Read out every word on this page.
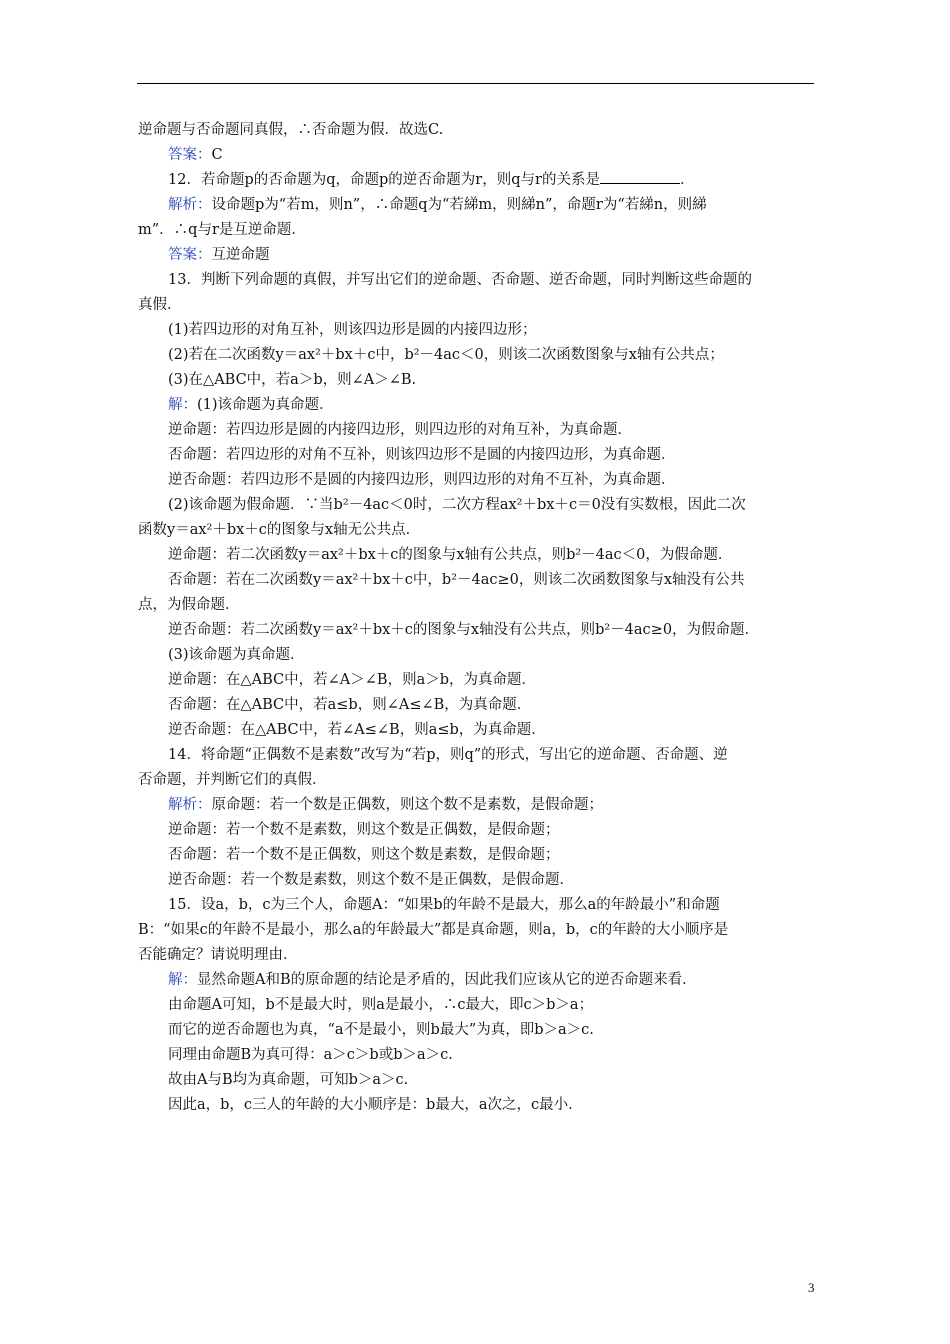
逆命题与否命题同真假，∴否命题为假．故选C.
答案：C
12．若命题p的否命题为q，命题p的逆否命题为r，则q与r的关系是	．
解析：设命题p为“若m，则n”，∴命题q为“若綈m，则綈n”，命题r为“若綈n，则綈
m”．∴q与r是互逆命题．
答案：互逆命题
13．判断下列命题的真假，并写出它们的逆命题、否命题、逆否命题，同时判断这些命题的
真假．
(1)若四边形的对角互补，则该四边形是圆的内接四边形；
(2)若在二次函数y＝ax²＋bx＋c中，b²－4ac＜0，则该二次函数图象与x轴有公共点；
(3)在△ABC中，若a＞b，则∠A＞∠B.
解：(1)该命题为真命题．
逆命题：若四边形是圆的内接四边形，则四边形的对角互补，为真命题．
否命题：若四边形的对角不互补，则该四边形不是圆的内接四边形，为真命题．
逆否命题：若四边形不是圆的内接四边形，则四边形的对角不互补，为真命题．
(2)该命题为假命题．∵当b²－4ac＜0时，二次方程ax²＋bx＋c＝0没有实数根，因此二次
函数y＝ax²＋bx＋c的图象与x轴无公共点．
逆命题：若二次函数y＝ax²＋bx＋c的图象与x轴有公共点，则b²－4ac＜0，为假命题．
否命题：若在二次函数y＝ax²＋bx＋c中，b²－4ac≥0，则该二次函数图象与x轴没有公共
点，为假命题．
逆否命题：若二次函数y＝ax²＋bx＋c的图象与x轴没有公共点，则b²－4ac≥0，为假命题．
(3)该命题为真命题．
逆命题：在△ABC中，若∠A＞∠B，则a＞b，为真命题．
否命题：在△ABC中，若a≤b，则∠A≤∠B，为真命题．
逆否命题：在△ABC中，若∠A≤∠B，则a≤b，为真命题．
14．将命题“正偶数不是素数”改写为“若p，则q”的形式，写出它的逆命题、否命题、逆
否命题，并判断它们的真假．
解析：原命题：若一个数是正偶数，则这个数不是素数，是假命题；
逆命题：若一个数不是素数，则这个数是正偶数，是假命题；
否命题：若一个数不是正偶数，则这个数是素数，是假命题；
逆否命题：若一个数是素数，则这个数不是正偶数，是假命题．
15．设a，b，c为三个人，命题A：“如果b的年龄不是最大，那么a的年龄最小”和命题
B：“如果c的年龄不是最小，那么a的年龄最大”都是真命题，则a，b，c的年龄的大小顺序是
否能确定？请说明理由．
解：显然命题A和B的原命题的结论是矛盾的，因此我们应该从它的逆否命题来看．
由命题A可知，b不是最大时，则a是最小，∴c最大，即c＞b＞a；
而它的逆否命题也为真，“a不是最小，则b最大”为真，即b＞a＞c.
同理由命题B为真可得：a＞c＞b或b＞a＞c.
故由A与B均为真命题，可知b＞a＞c.
因此a，b，c三人的年龄的大小顺序是：b最大，a次之，c最小．
3
